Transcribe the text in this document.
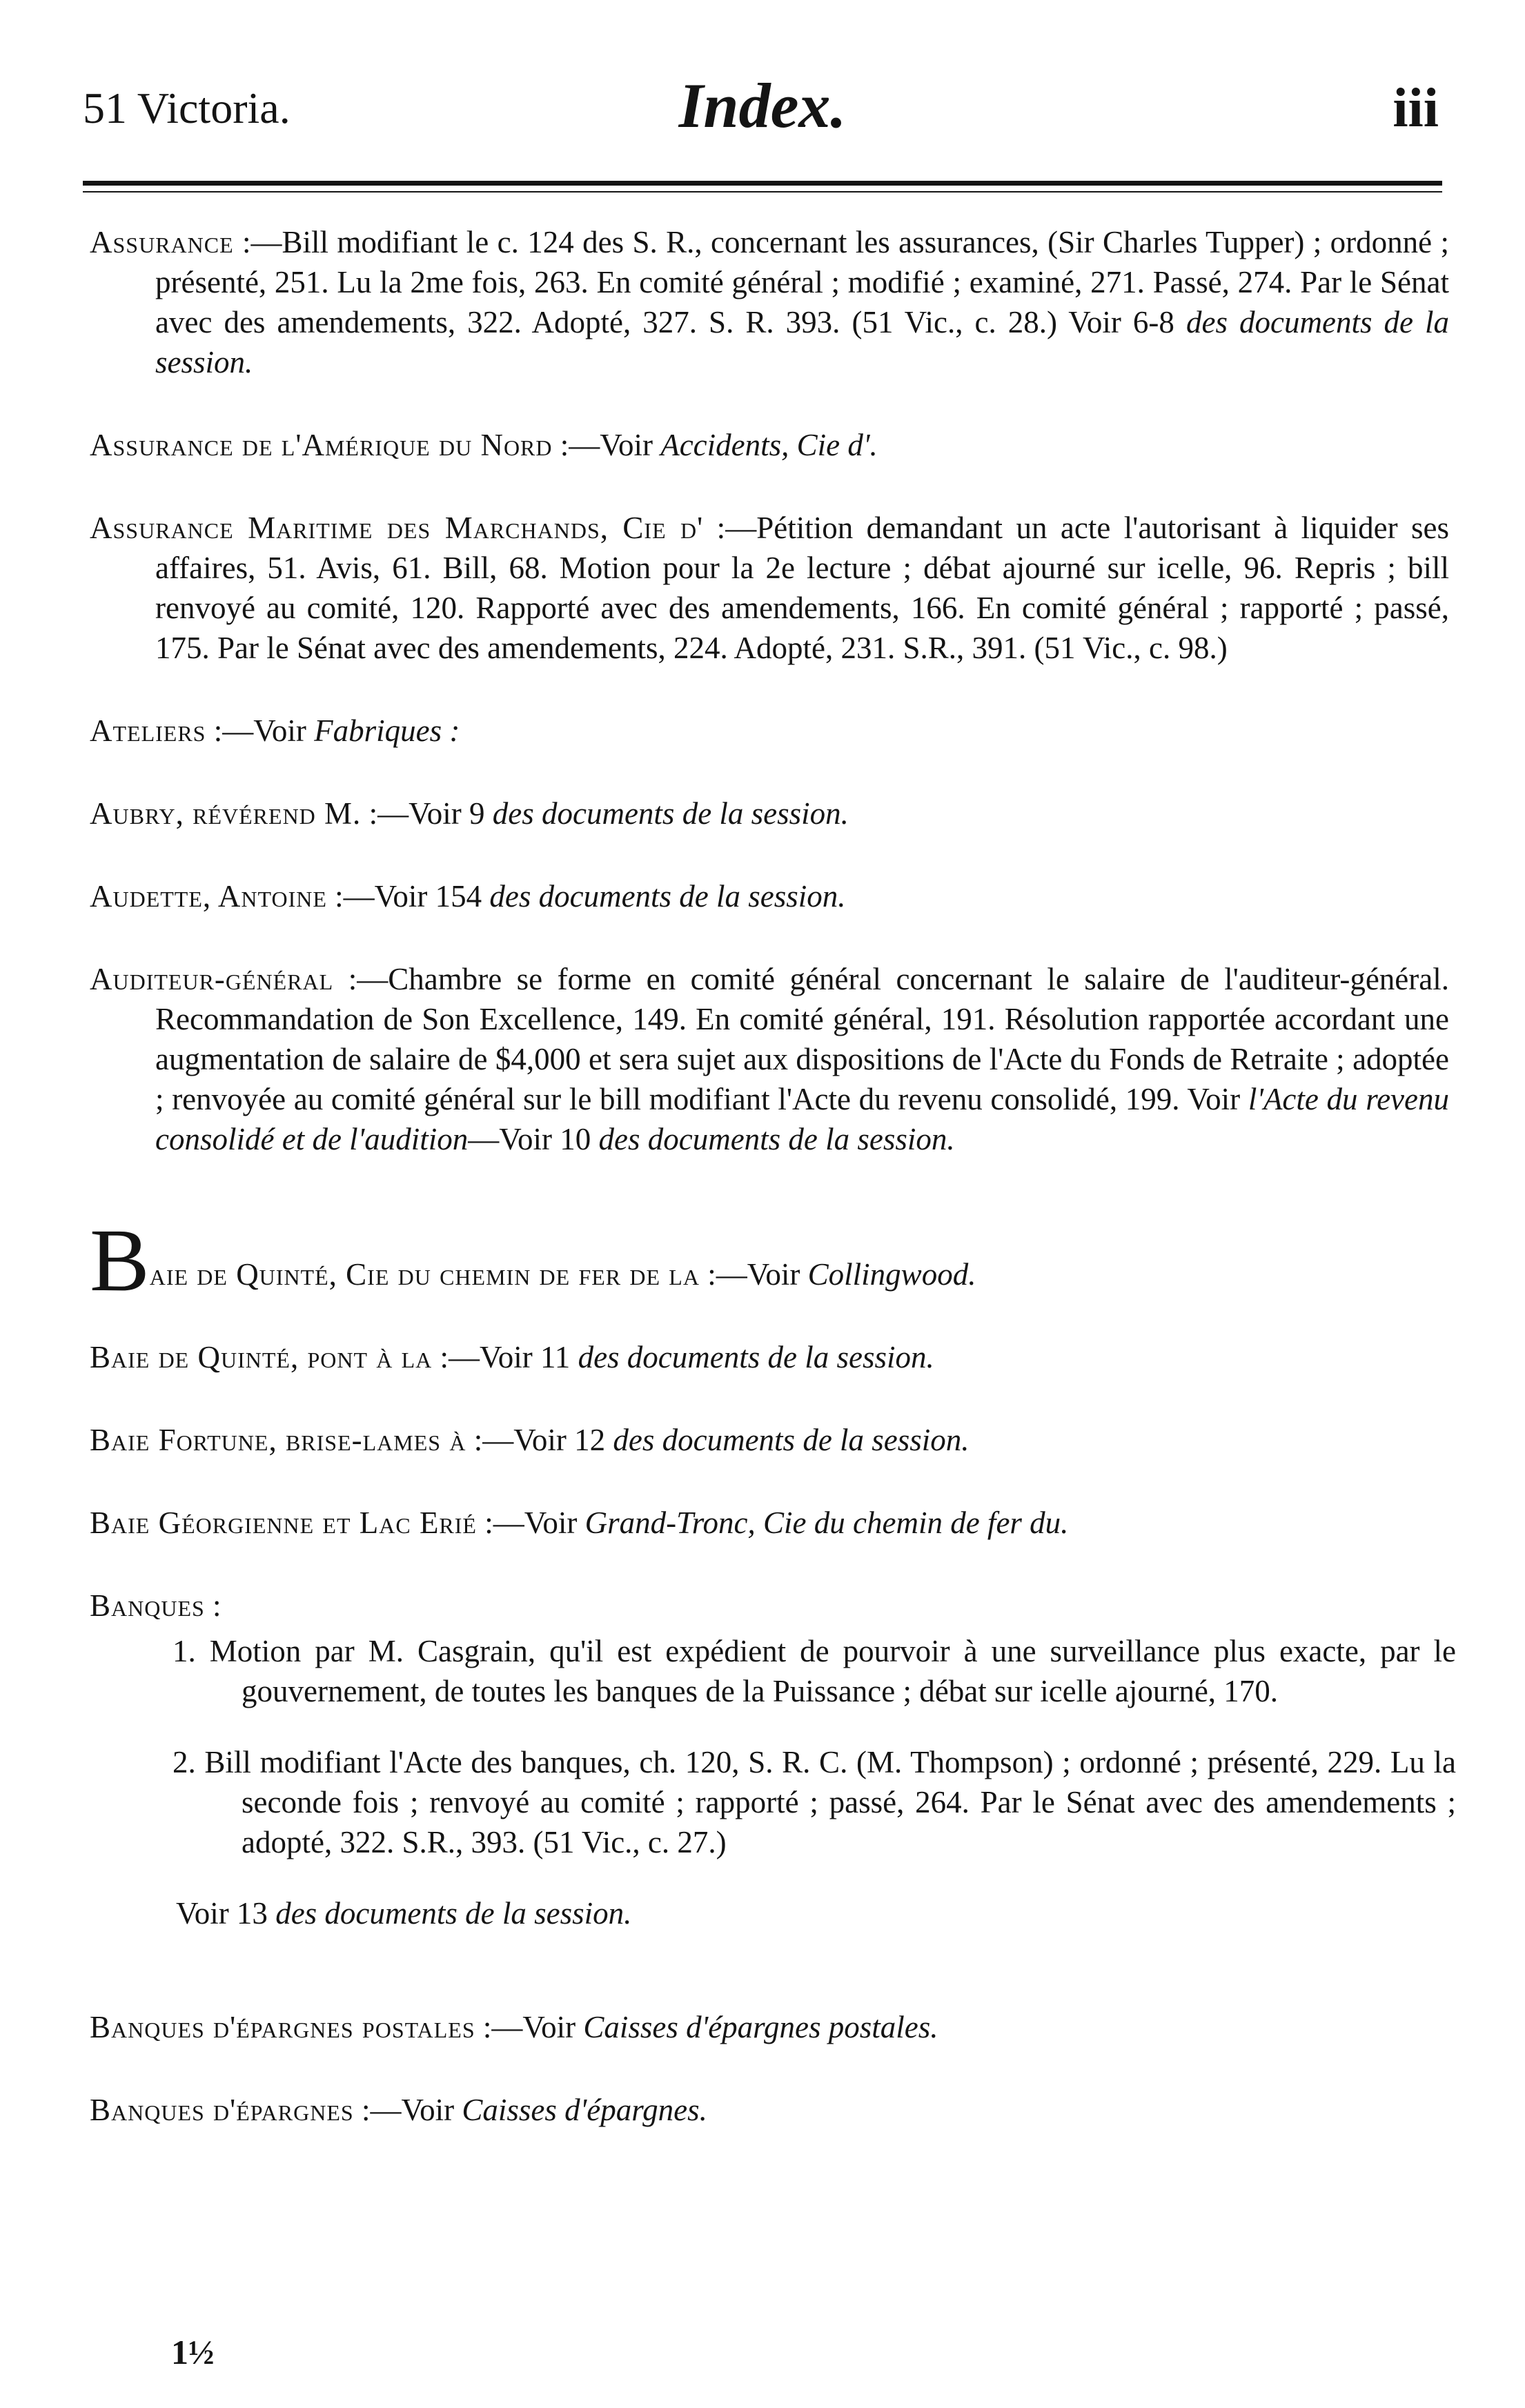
51 Victoria.	Index.	iii

Assurance :—Bill modifiant le c. 124 des S. R., concernant les assurances, (Sir Charles Tupper) ; ordonné ; présenté, 251. Lu la 2me fois, 263. En comité général ; modifié ; examiné, 271. Passé, 274. Par le Sénat avec des amendements, 322. Adopté, 327. S. R. 393. (51 Vic., c. 28.) Voir 6-8 des documents de la session.

Assurance de l'Amérique du Nord :—Voir Accidents, Cie d'.

Assurance Maritime des Marchands, Cie d' :—Pétition demandant un acte l'autorisant à liquider ses affaires, 51. Avis, 61. Bill, 68. Motion pour la 2e lecture ; débat ajourné sur icelle, 96. Repris ; bill renvoyé au comité, 120. Rapporté avec des amendements, 166. En comité général ; rapporté ; passé, 175. Par le Sénat avec des amendements, 224. Adopté, 231. S.R., 391. (51 Vic., c. 98.)

Ateliers :—Voir Fabriques :

Aubry, révérend M. :—Voir 9 des documents de la session.

Audette, Antoine :—Voir 154 des documents de la session.

Auditeur-général :—Chambre se forme en comité général concernant le salaire de l'auditeur-général. Recommandation de Son Excellence, 149. En comité général, 191. Résolution rapportée accordant une augmentation de salaire de $4,000 et sera sujet aux dispositions de l'Acte du Fonds de Retraite ; adoptée ; renvoyée au comité général sur le bill modifiant l'Acte du revenu consolidé, 199. Voir l'Acte du revenu consolidé et de l'audition—Voir 10 des documents de la session.

Baie de Quinté, Cie du chemin de fer de la :—Voir Collingwood.

Baie de Quinté, pont à la :—Voir 11 des documents de la session.

Baie Fortune, brise-lames à :—Voir 12 des documents de la session.

Baie Géorgienne et Lac Erié :—Voir Grand-Tronc, Cie du chemin de fer du.

Banques :

1. Motion par M. Casgrain, qu'il est expédient de pourvoir à une surveillance plus exacte, par le gouvernement, de toutes les banques de la Puissance ; débat sur icelle ajourné, 170.

2. Bill modifiant l'Acte des banques, ch. 120, S. R. C. (M. Thompson) ; ordonné ; présenté, 229. Lu la seconde fois ; renvoyé au comité ; rapporté ; passé, 264. Par le Sénat avec des amendements ; adopté, 322. S.R., 393. (51 Vic., c. 27.)

Voir 13 des documents de la session.

Banques d'épargnes postales :—Voir Caisses d'épargnes postales.

Banques d'épargnes :—Voir Caisses d'épargnes.

1½
